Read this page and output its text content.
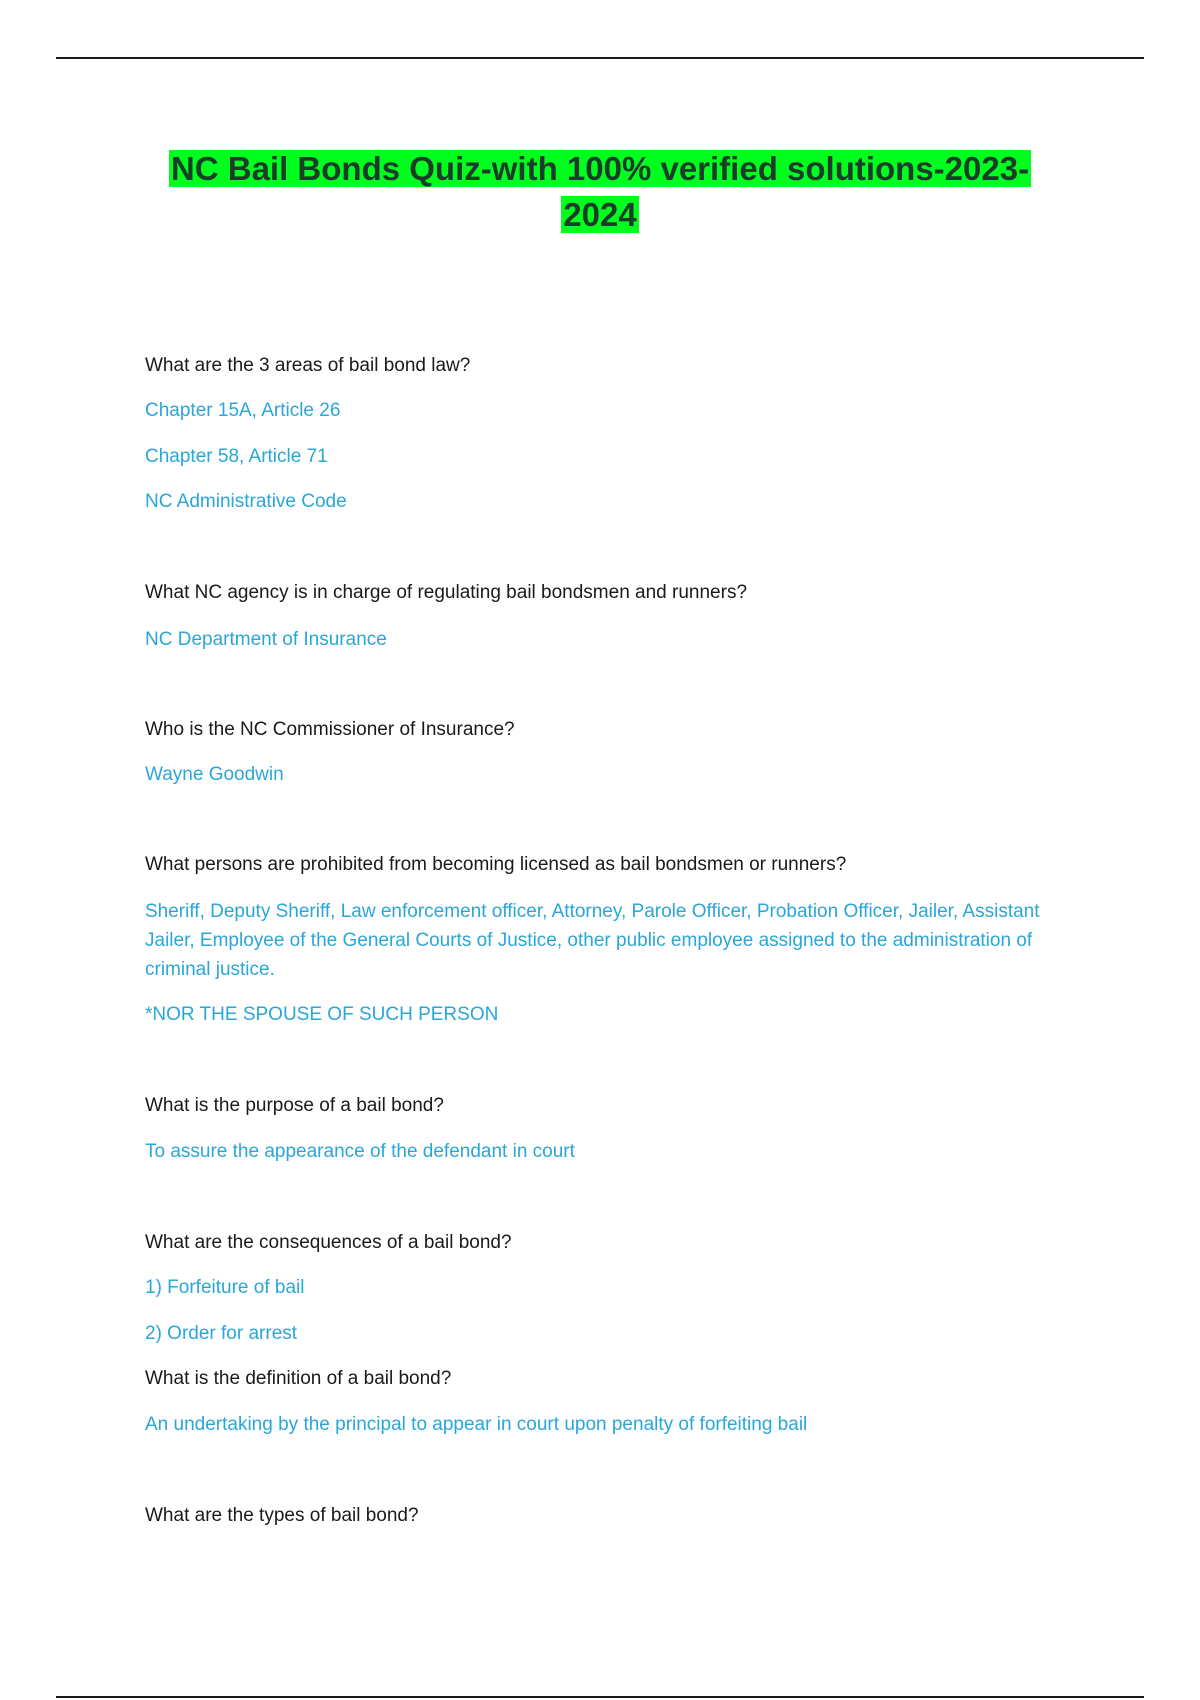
NC Bail Bonds Quiz-with 100% verified solutions-2023-2024

What are the 3 areas of bail bond law?

Chapter 15A, Article 26

Chapter 58, Article 71

NC Administrative Code

What NC agency is in charge of regulating bail bondsmen and runners?

NC Department of Insurance

Who is the NC Commissioner of Insurance?

Wayne Goodwin

What persons are prohibited from becoming licensed as bail bondsmen or runners?

Sheriff, Deputy Sheriff, Law enforcement officer, Attorney, Parole Officer, Probation Officer, Jailer, Assistant Jailer, Employee of the General Courts of Justice, other public employee assigned to the administration of criminal justice.

*NOR THE SPOUSE OF SUCH PERSON

What is the purpose of a bail bond?

To assure the appearance of the defendant in court

What are the consequences of a bail bond?

1) Forfeiture of bail

2) Order for arrest

What is the definition of a bail bond?

An undertaking by the principal to appear in court upon penalty of forfeiting bail

What are the types of bail bond?
